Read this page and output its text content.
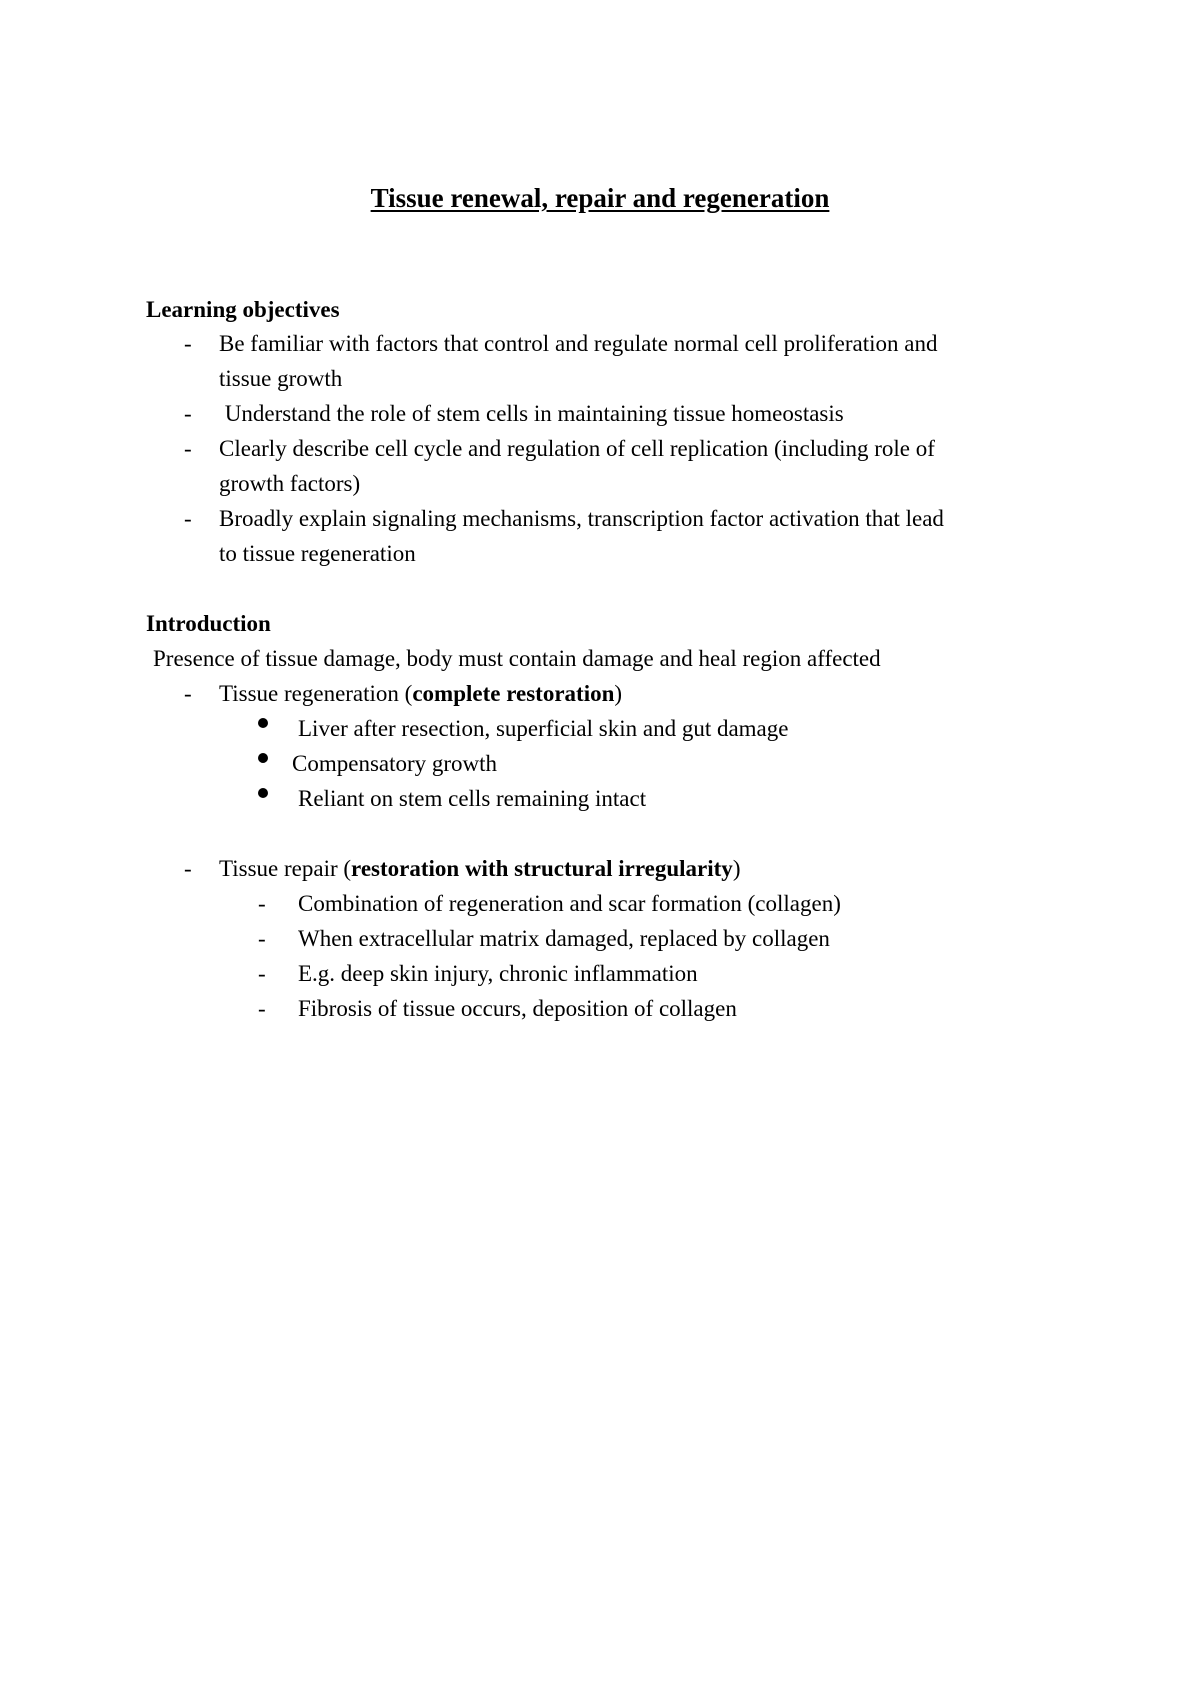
Tissue renewal, repair and regeneration
Learning objectives
-	Be familiar with factors that control and regulate normal cell proliferation and
tissue growth
-	Understand the role of stem cells in maintaining tissue homeostasis
-	Clearly describe cell cycle and regulation of cell replication (including role of
growth factors)
-	Broadly explain signaling mechanisms, transcription factor activation that lead
to tissue regeneration
Introduction
Presence of tissue damage, body must contain damage and heal region affected
-	Tissue regeneration (complete restoration)
Liver after resection, superficial skin and gut damage
Compensatory growth
Reliant on stem cells remaining intact
-	Tissue repair (restoration with structural irregularity)
-	Combination of regeneration and scar formation (collagen)
-	When extracellular matrix damaged, replaced by collagen
-	E.g. deep skin injury, chronic inflammation
-	Fibrosis of tissue occurs, deposition of collagen
